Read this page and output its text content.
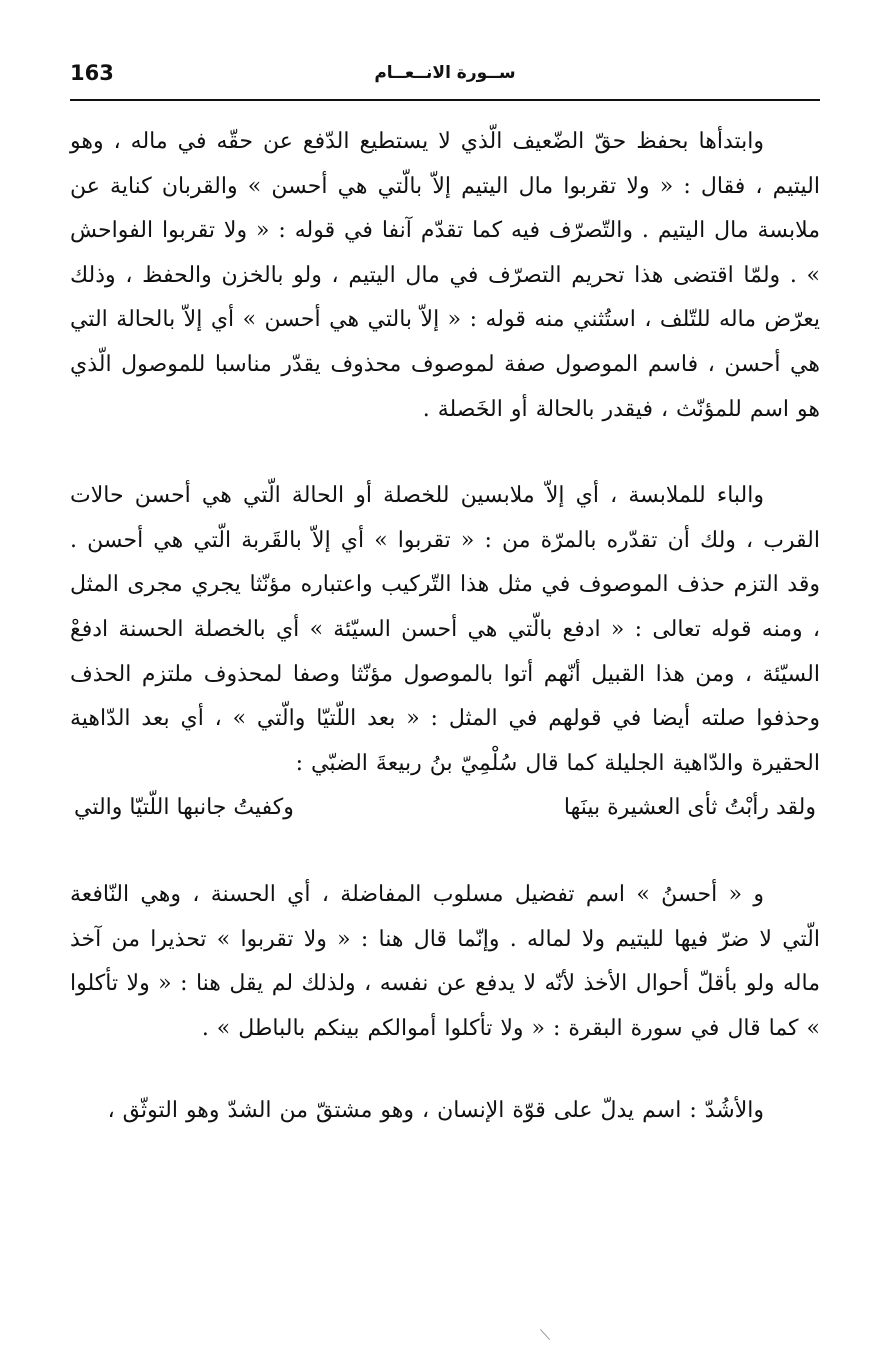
163	ســورة الانــعــام

وابتدأها بحفظ حقّ الضّعيف الّذي لا يستطيع الدّفع عن حقّه في ماله ، وهو اليتيم ، فقال : « ولا تقربوا مال اليتيم إلاّ بالّتي هي أحسن » والقربان كناية عن ملابسة مال اليتيم . والتّصرّف فيه كما تقدّم آنفا في قوله : « ولا تقربوا الفواحش » . ولمّا اقتضى هذا تحريم التصرّف في مال اليتيم ، ولو بالخزن والحفظ ، وذلك يعرّض ماله للتّلف ، استُثني منه قوله : « إلاّ بالتي هي أحسن » أي إلاّ بالحالة التي هي أحسن ، فاسم الموصول صفة لموصوف محذوف يقدّر مناسبا للموصول الّذي هو اسم للمؤنّث ، فيقدر بالحالة أو الخَصلة .

والباء للملابسة ، أي إلاّ ملابسين للخصلة أو الحالة الّتي هي أحسن حالات القرب ، ولك أن تقدّره بالمرّة من : « تقربوا » أي إلاّ بالقَربة الّتي هي أحسن . وقد التزم حذف الموصوف في مثل هذا التّركيب واعتباره مؤنّثا يجري مجرى المثل ، ومنه قوله تعالى : « ادفع بالّتي هي أحسن السيّئة » أي بالخصلة الحسنة ادفعْ السيّئة ، ومن هذا القبيل أنّهم أتوا بالموصول مؤنّثا وصفا لمحذوف ملتزم الحذف وحذفوا صلته أيضا في قولهم في المثل : « بعد اللّتيّا والّتي » ، أي بعد الدّاهية الحقيرة والدّاهية الجليلة كما قال سُلْمِيّ بنُ ربيعةَ الضبّي :

ولقد رأبْتُ ثأى العشيرة بينَها
وكفيتُ جانبها اللّتيّا والتي

و « أحسنُ » اسم تفضيل مسلوب المفاضلة ، أي الحسنة ، وهي النّافعة الّتي لا ضرّ فيها لليتيم ولا لماله . وإنّما قال هنا : « ولا تقربوا » تحذيرا من آخذ ماله ولو بأقلّ أحوال الأخذ لأنّه لا يدفع عن نفسه ، ولذلك لم يقل هنا : « ولا تأكلوا » كما قال في سورة البقرة : « ولا تأكلوا أموالكم بينكم بالباطل » .

والأشُدّ : اسم يدلّ على قوّة الإنسان ، وهو مشتقّ من الشدّ وهو التوثّق ،
